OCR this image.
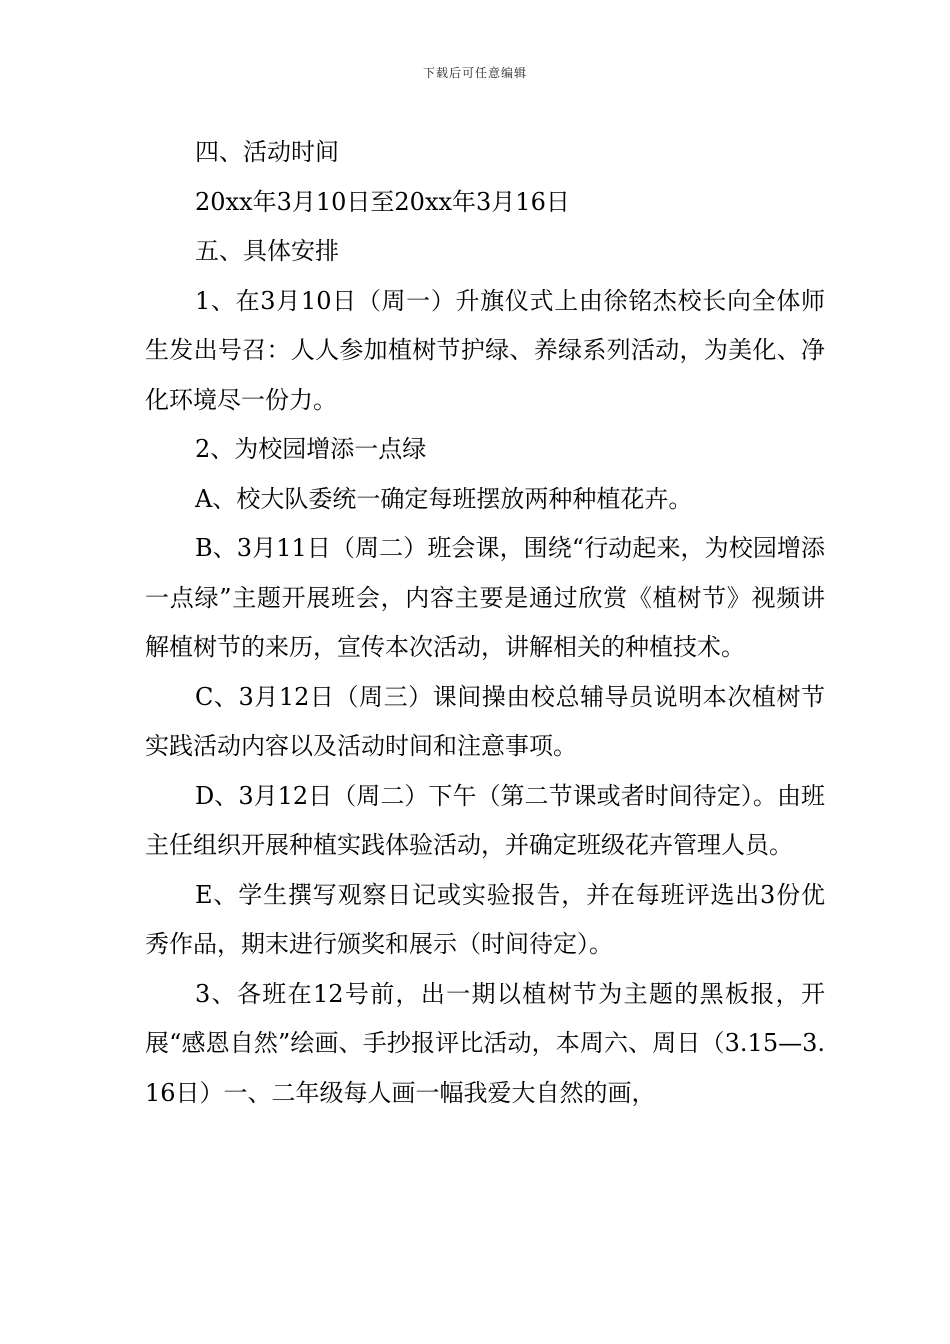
下载后可任意编辑

四、活动时间

20xx年3月10日至20xx年3月16日

五、具体安排

1、在3月10日（周一）升旗仪式上由徐铭杰校长向全体师生发出号召：人人参加植树节护绿、养绿系列活动，为美化、净化环境尽一份力。

2、为校园增添一点绿

A、校大队委统一确定每班摆放两种种植花卉。

B、3月11日（周二）班会课，围绕“行动起来，为校园增添一点绿”主题开展班会，内容主要是通过欣赏《植树节》视频讲解植树节的来历，宣传本次活动，讲解相关的种植技术。

C、3月12日（周三）课间操由校总辅导员说明本次植树节实践活动内容以及活动时间和注意事项。

D、3月12日（周二）下午（第二节课或者时间待定）。由班主任组织开展种植实践体验活动，并确定班级花卉管理人员。

E、学生撰写观察日记或实验报告，并在每班评选出3份优秀作品，期末进行颁奖和展示（时间待定）。

3、各班在12号前，出一期以植树节为主题的黑板报，开展“感恩自然”绘画、手抄报评比活动，本周六、周日（3.15—3.16日）一、二年级每人画一幅我爱大自然的画，
